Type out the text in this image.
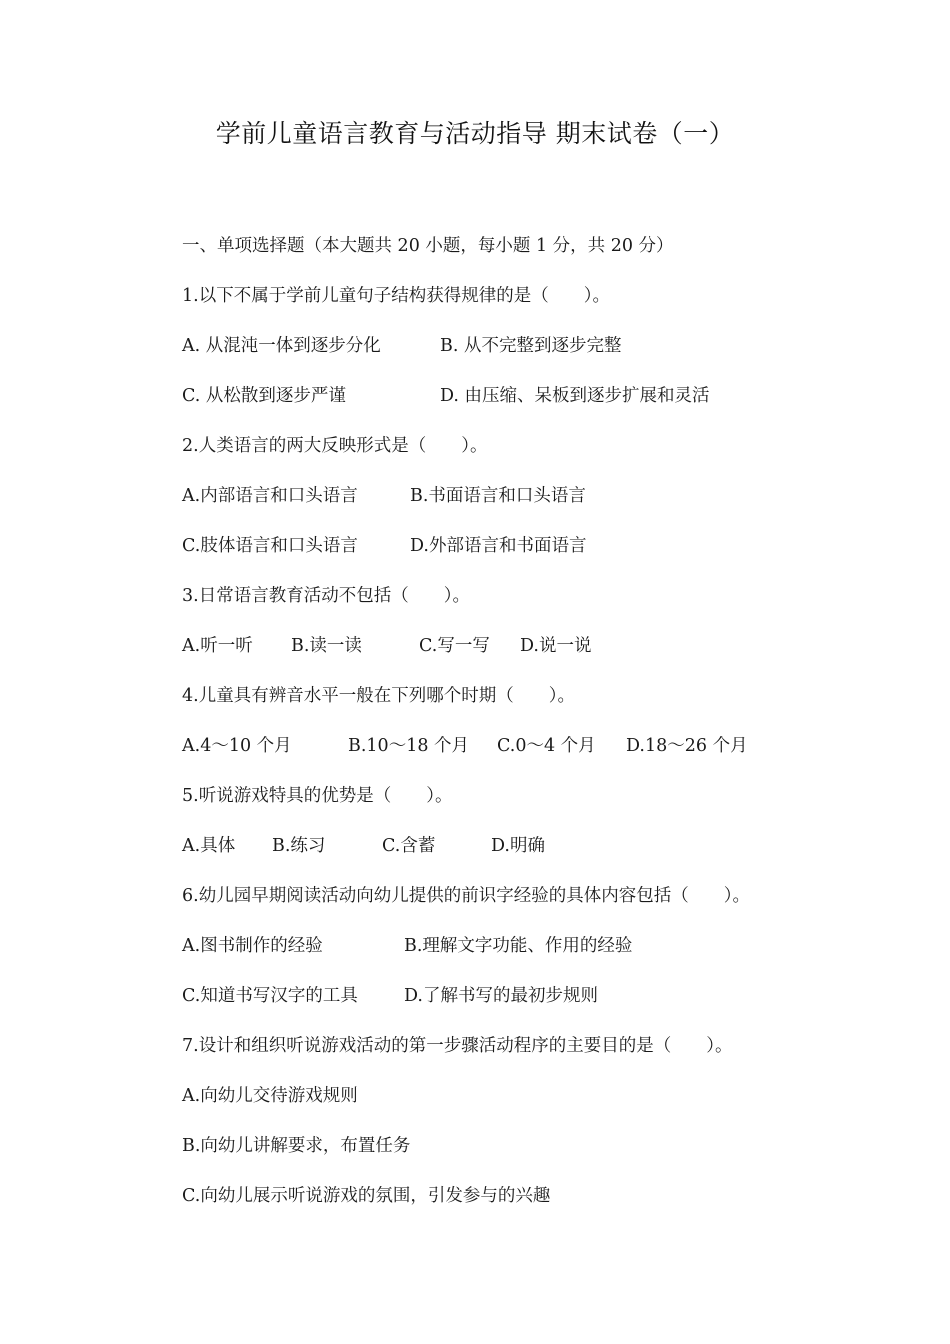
学前儿童语言教育与活动指导 期末试卷（一）
一、单项选择题（本大题共 20 小题，每小题 1 分，共 20 分）
1.以下不属于学前儿童句子结构获得规律的是（　　）。
A. 从混沌一体到逐步分化	B. 从不完整到逐步完整
C. 从松散到逐步严谨	D. 由压缩、呆板到逐步扩展和灵活
2.人类语言的两大反映形式是（　　）。
A.内部语言和口头语言	B.书面语言和口头语言
C.肢体语言和口头语言	D.外部语言和书面语言
3.日常语言教育活动不包括（　　）。
A.听一听 B.读一读	C.写一写 D.说一说
4.儿童具有辨音水平一般在下列哪个时期（　　）。
A.4～10 个月	B.10～18 个月 C.0～4 个月 D.18～26 个月
5.听说游戏特具的优势是（　　）。
A.具体 B.练习	C.含蓄	D.明确
6.幼儿园早期阅读活动向幼儿提供的前识字经验的具体内容包括（　　）。
A.图书制作的经验	B.理解文字功能、作用的经验
C.知道书写汉字的工具	D.了解书写的最初步规则
7.设计和组织听说游戏活动的第一步骤活动程序的主要目的是（　　）。
A.向幼儿交待游戏规则
B.向幼儿讲解要求，布置任务
C.向幼儿展示听说游戏的氛围，引发参与的兴趣
